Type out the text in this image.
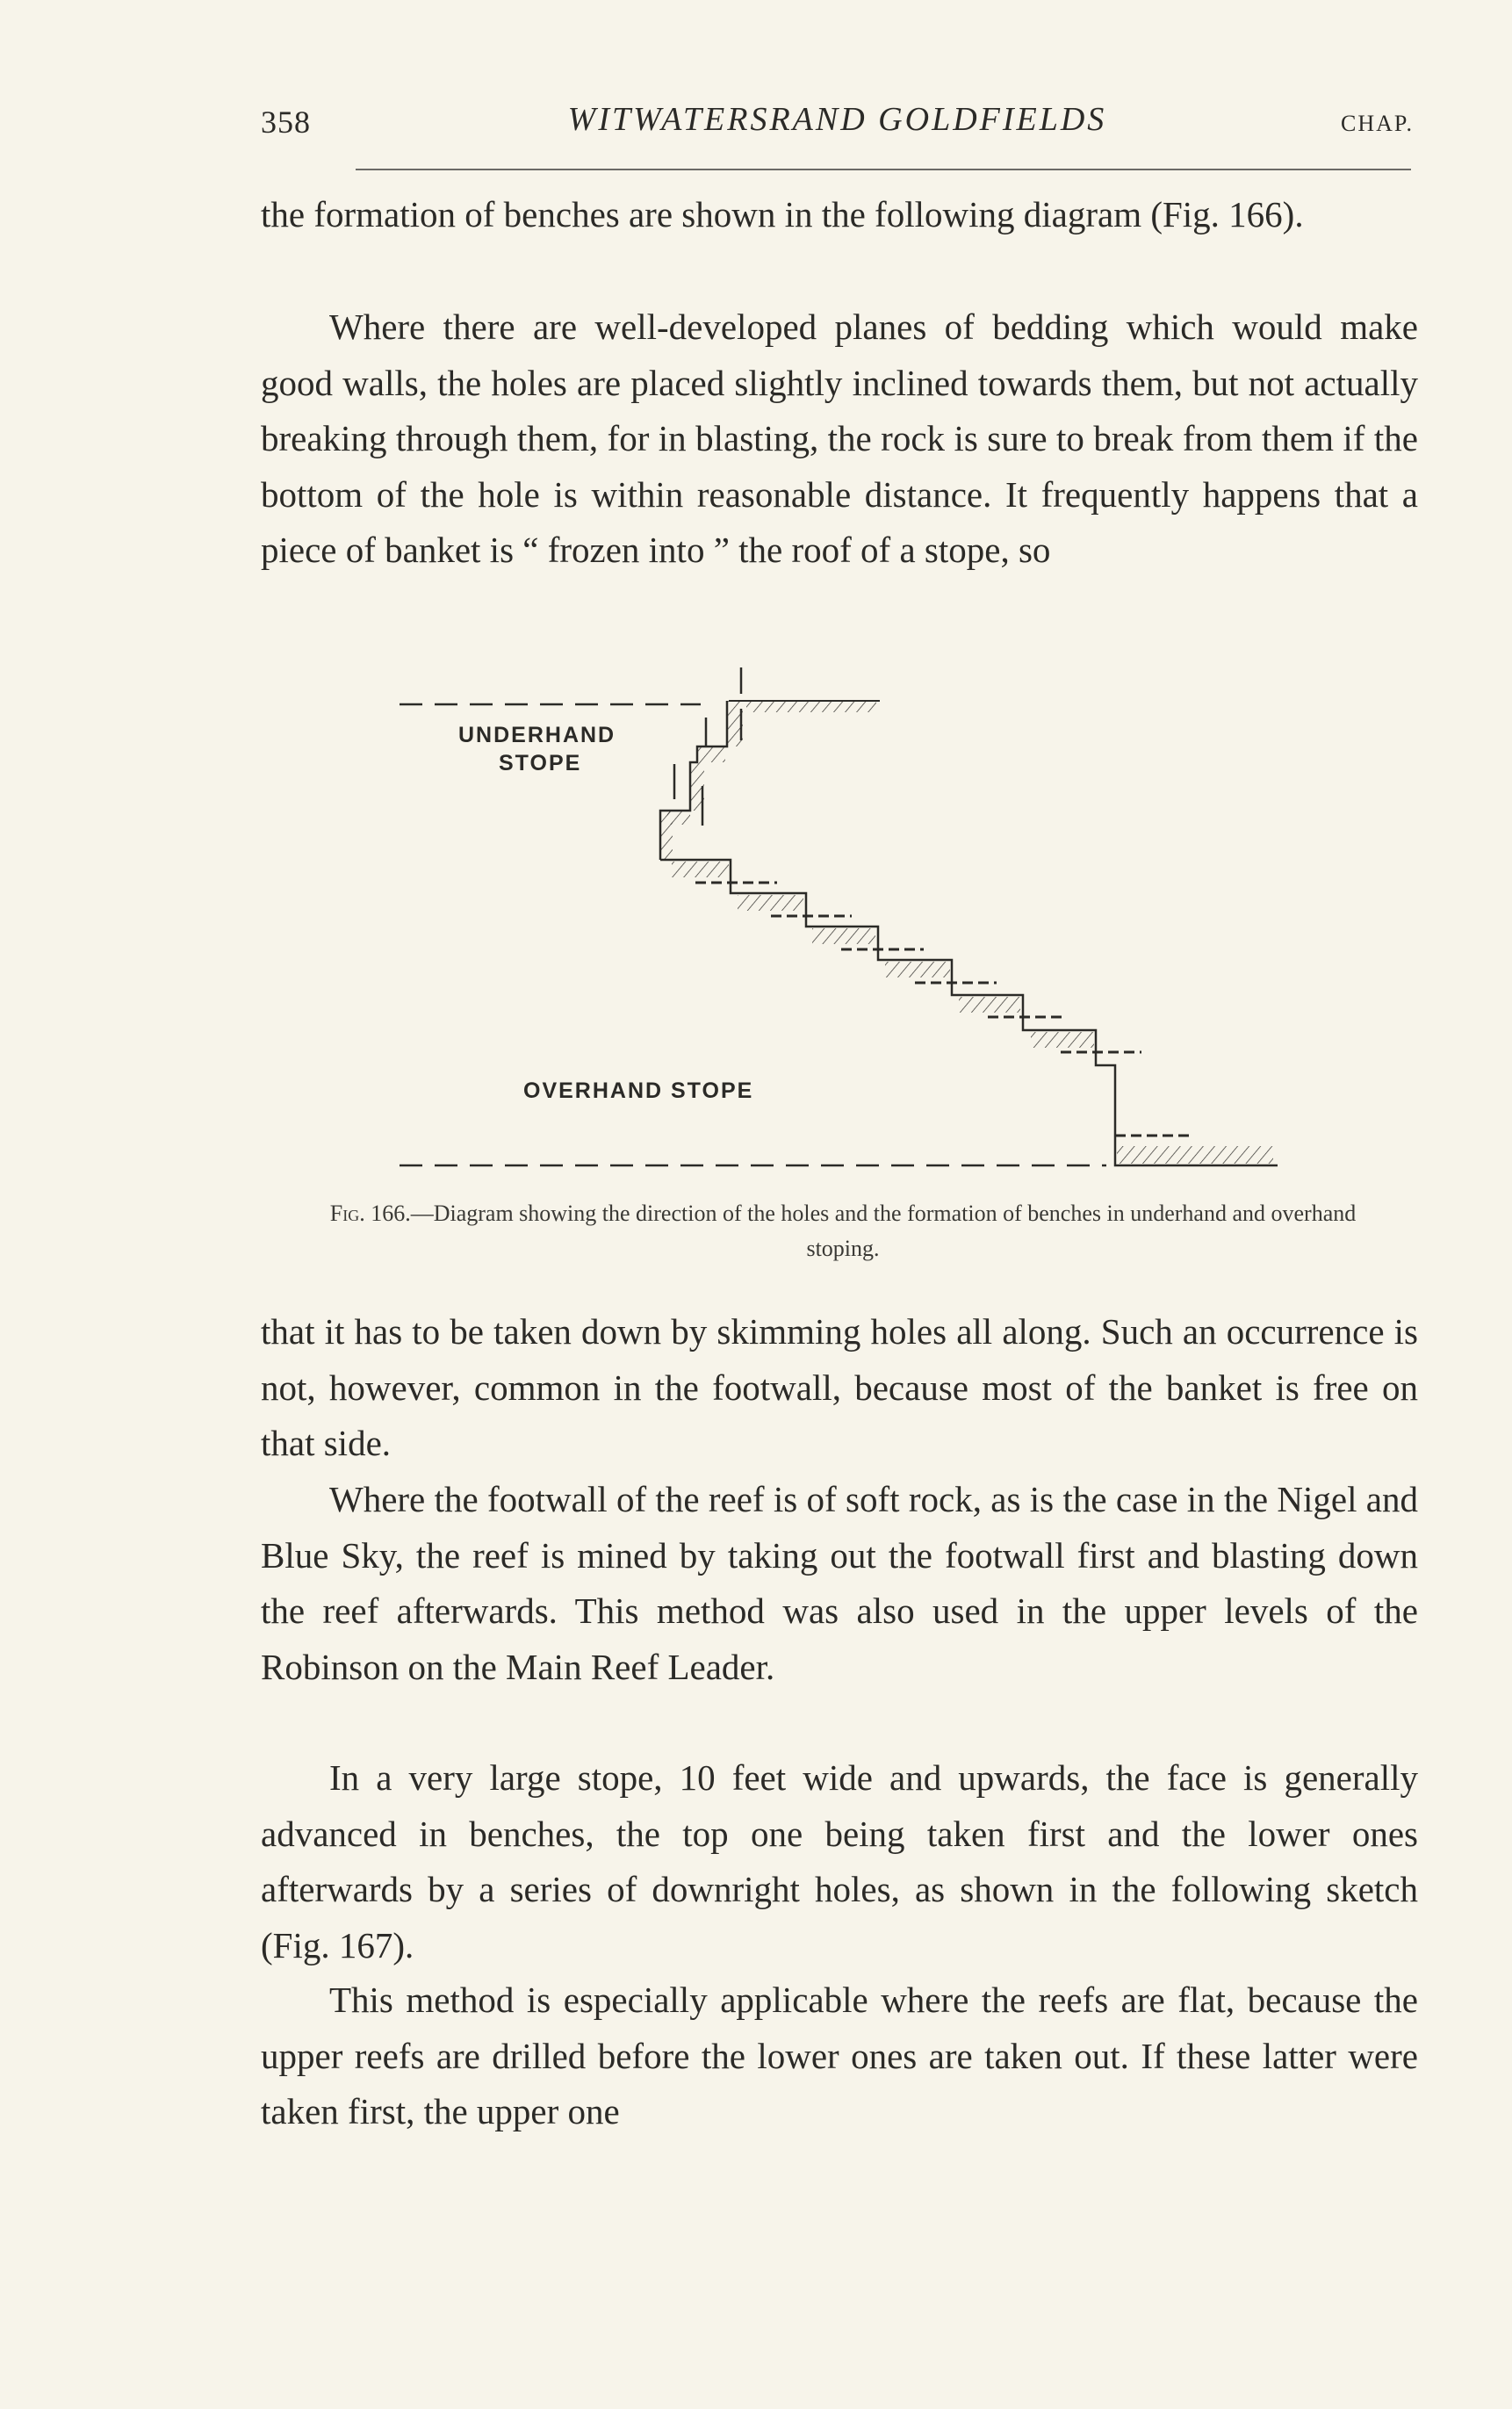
358	WITWATERSRAND GOLDFIELDS	CHAP.

the formation of benches are shown in the following diagram (Fig. 166).

Where there are well-developed planes of bedding which would make good walls, the holes are placed slightly inclined towards them, but not actually breaking through them, for in blasting, the rock is sure to break from them if the bottom of the hole is within reasonable distance. It frequently happens that a piece of banket is “ frozen into ” the roof of a stope, so

UNDERHAND
STOPE
OVERHAND STOPE
Fig. 166.—Diagram showing the direction of the holes and the formation of benches in underhand and overhand stoping.

that it has to be taken down by skimming holes all along. Such an occurrence is not, however, common in the footwall, because most of the banket is free on that side.

Where the footwall of the reef is of soft rock, as is the case in the Nigel and Blue Sky, the reef is mined by taking out the footwall first and blasting down the reef afterwards. This method was also used in the upper levels of the Robinson on the Main Reef Leader.

In a very large stope, 10 feet wide and upwards, the face is generally advanced in benches, the top one being taken first and the lower ones afterwards by a series of downright holes, as shown in the following sketch (Fig. 167).

This method is especially applicable where the reefs are flat, because the upper reefs are drilled before the lower ones are taken out. If these latter were taken first, the upper one
